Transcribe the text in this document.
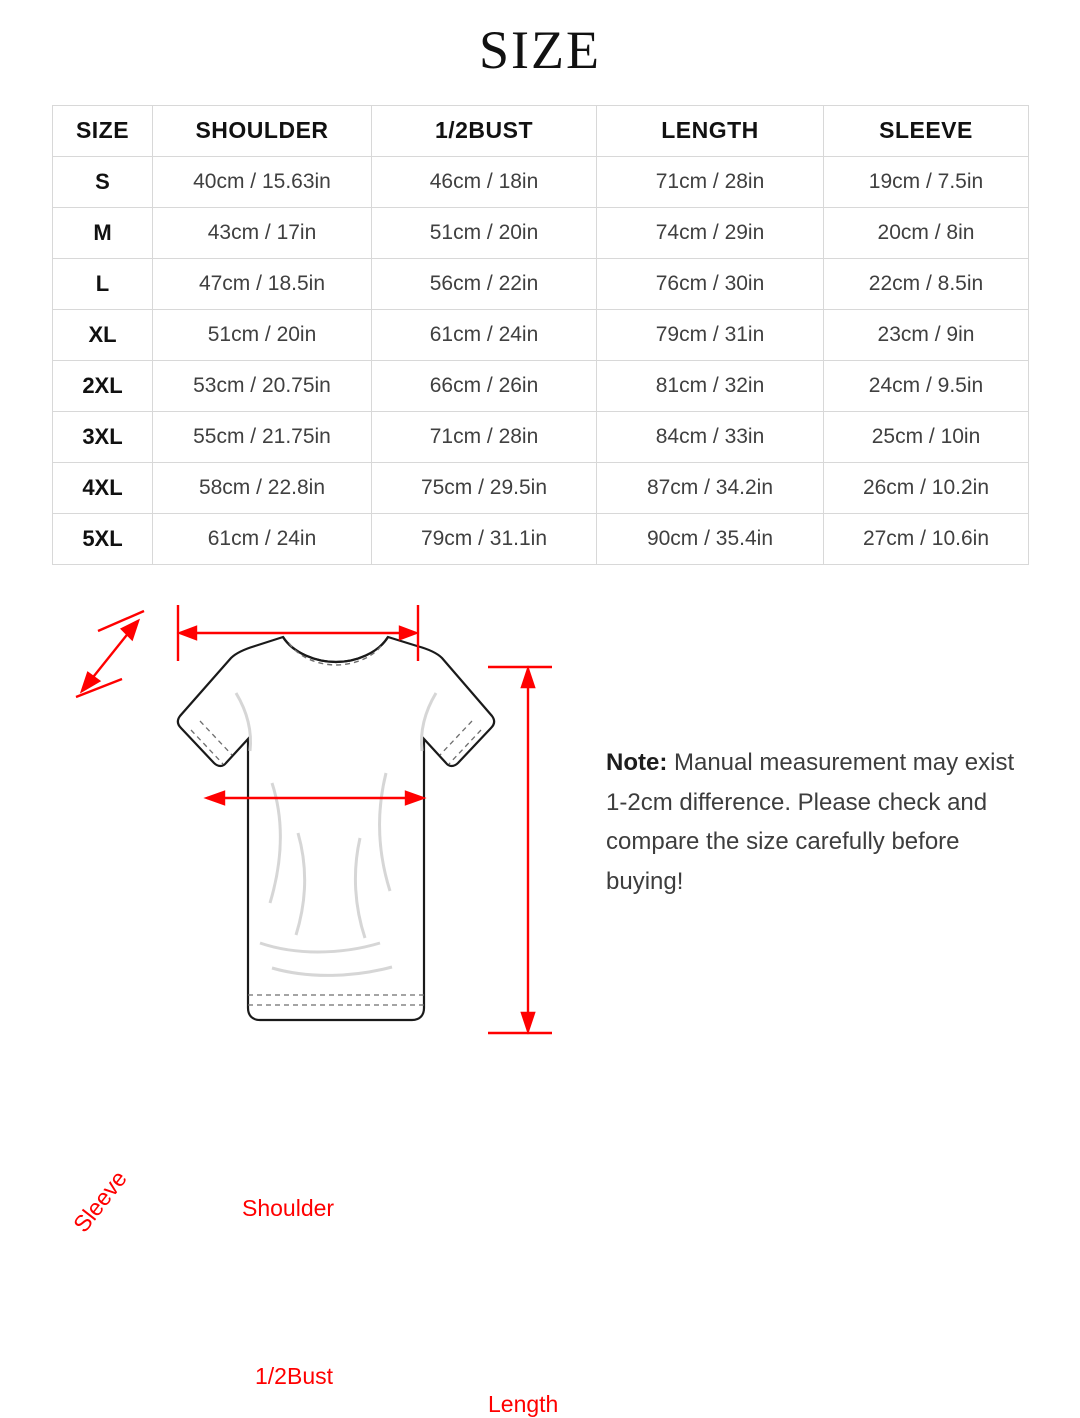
SIZE
SIZE	SHOULDER	1/2BUST	LENGTH	SLEEVE
S	40cm / 15.63in	46cm / 18in	71cm / 28in	19cm / 7.5in
M	43cm / 17in	51cm / 20in	74cm / 29in	20cm / 8in
L	47cm / 18.5in	56cm / 22in	76cm / 30in	22cm / 8.5in
XL	51cm / 20in	61cm / 24in	79cm / 31in	23cm / 9in
2XL	53cm / 20.75in	66cm / 26in	81cm / 32in	24cm / 9.5in
3XL	55cm / 21.75in	71cm / 28in	84cm / 33in	25cm / 10in
4XL	58cm / 22.8in	75cm / 29.5in	87cm / 34.2in	26cm / 10.2in
5XL	61cm / 24in	79cm / 31.1in	90cm / 35.4in	27cm / 10.6in
Shoulder
1/2Bust
Length
Sleeve
Note: Manual measurement may exist 1-2cm difference. Please check and compare the size carefully before buying!
